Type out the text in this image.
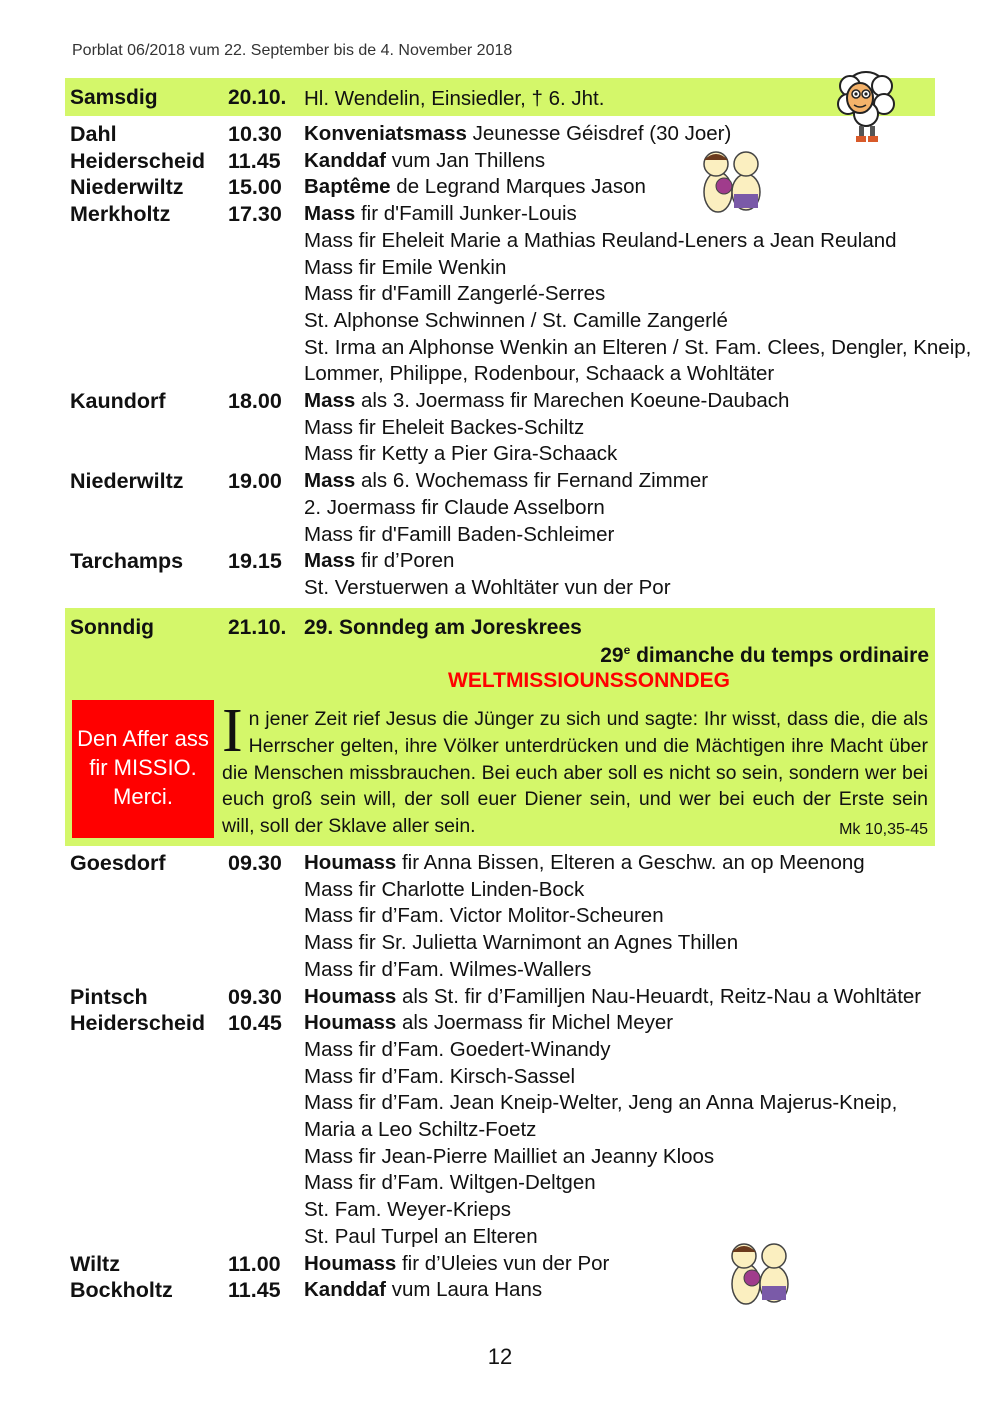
Porblat 06/2018 vum 22. September bis de 4. November 2018
Samsdig	20.10. Hl. Wendelin, Einsiedler, † 6. Jht.
Dahl	10.30 Konveniatsmass Jeunesse Géisdref (30 Joer)
Heiderscheid 11.45 Kanddaf vum Jan Thillens
Niederwiltz 15.00 Baptême de Legrand Marques Jason
Merkholtz	17.30 Mass fir d'Famill Junker-Louis
Mass fir Eheleit Marie a Mathias Reuland-Leners a Jean Reuland
Mass fir Emile Wenkin
Mass fir d'Famill Zangerlé-Serres
St. Alphonse Schwinnen / St. Camille Zangerlé
St. Irma an Alphonse Wenkin an Elteren / St. Fam. Clees, Dengler, Kneip,
Lommer, Philippe, Rodenbour, Schaack a Wohltäter
Kaundorf	18.00 Mass als 3. Joermass fir Marechen Koeune-Daubach
Mass fir Eheleit Backes-Schiltz
Mass fir Ketty a Pier Gira-Schaack
Niederwiltz 19.00 Mass als 6. Wochemass fir Fernand Zimmer
2. Joermass fir Claude Asselborn
Mass fir d'Famill Baden-Schleimer
Tarchamps 19.15 Mass fir d’Poren
St. Verstuerwen a Wohltäter vun der Por
Sonndig	21.10. 29. Sonndeg am Joreskrees
29e dimanche du temps ordinaire
WELTMISSIOUNSSONNDEG
Den Affer ass
fir MISSIO.
Merci.
In jener Zeit rief Jesus die Jünger zu sich und sagte: Ihr wisst, dass die, die als Herrscher gelten, ihre Völker unterdrücken und die Mächtigen ihre Macht über die Menschen missbrauchen. Bei euch aber soll es nicht so sein, sondern wer bei euch groß sein will, der soll euer Diener sein, und wer bei euch der Erste sein will, soll der Sklave aller sein.	Mk 10,35-45
Goesdorf	09.30 Houmass fir Anna Bissen, Elteren a Geschw. an op Meenong
Mass fir Charlotte Linden-Bock
Mass fir d’Fam. Victor Molitor-Scheuren
Mass fir Sr. Julietta Warnimont an Agnes Thillen
Mass fir d’Fam. Wilmes-Wallers
Pintsch	09.30 Houmass als St. fir d’Familljen Nau-Heuardt, Reitz-Nau a Wohltäter
Heiderscheid 10.45 Houmass als Joermass fir Michel Meyer
Mass fir d’Fam. Goedert-Winandy
Mass fir d’Fam. Kirsch-Sassel
Mass fir d’Fam. Jean Kneip-Welter, Jeng an Anna Majerus-Kneip,
Maria a Leo Schiltz-Foetz
Mass fir Jean-Pierre Mailliet an Jeanny Kloos
Mass fir d’Fam. Wiltgen-Deltgen
St. Fam. Weyer-Krieps
St. Paul Turpel an Elteren
Wiltz	11.00 Houmass fir d’Uleies vun der Por
Bockholtz	11.45 Kanddaf vum Laura Hans
12
